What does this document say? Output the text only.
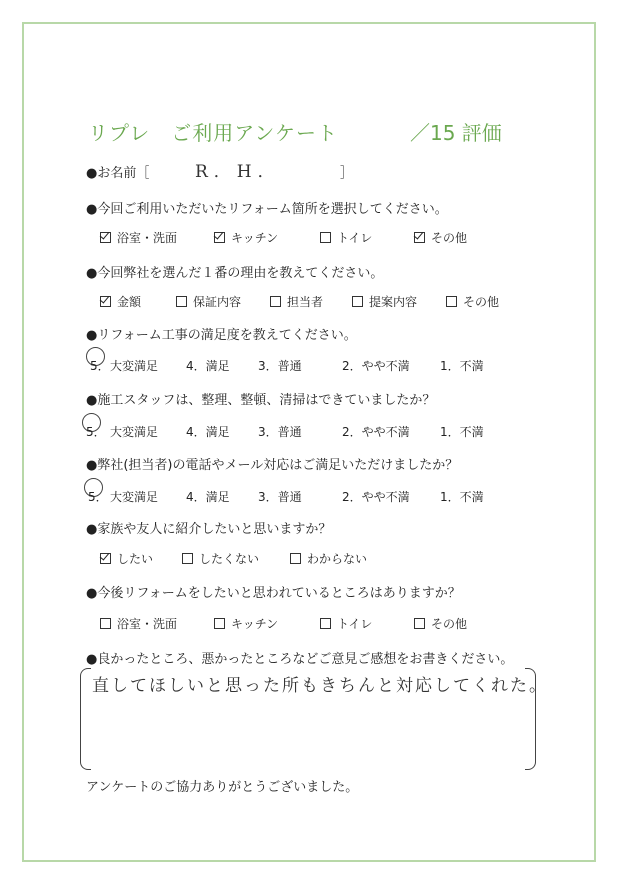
リプレ　ご利用アンケート	／15 評価
●お名前［	R．H．	］
●今回ご利用いただいたリフォーム箇所を選択してください。
浴室・洗面	キッチン	トイレ	その他
●今回弊社を選んだ１番の理由を教えてください。
金額	保証内容	担当者	提案内容	その他
●リフォーム工事の満足度を教えてください。
5． 大変満足 4．満足 3．普通	2．やや不満	1．不満
●施工スタッフは、整理、整頓、清掃はできていましたか？
5． 大変満足 4．満足 3．普通	2．やや不満	1．不満
●弊社(担当者)の電話やメール対応はご満足いただけましたか？
5． 大変満足 4．満足 3．普通	2．やや不満	1．不満
●家族や友人に紹介したいと思いますか？
したい	したくない	わからない
●今後リフォームをしたいと思われているところはありますか？
浴室・洗面	キッチン	トイレ	その他
●良かったところ、悪かったところなどご意見ご感想をお書きください。
直してほしいと思った所もきちんと対応してくれた。
アンケートのご協力ありがとうございました。
